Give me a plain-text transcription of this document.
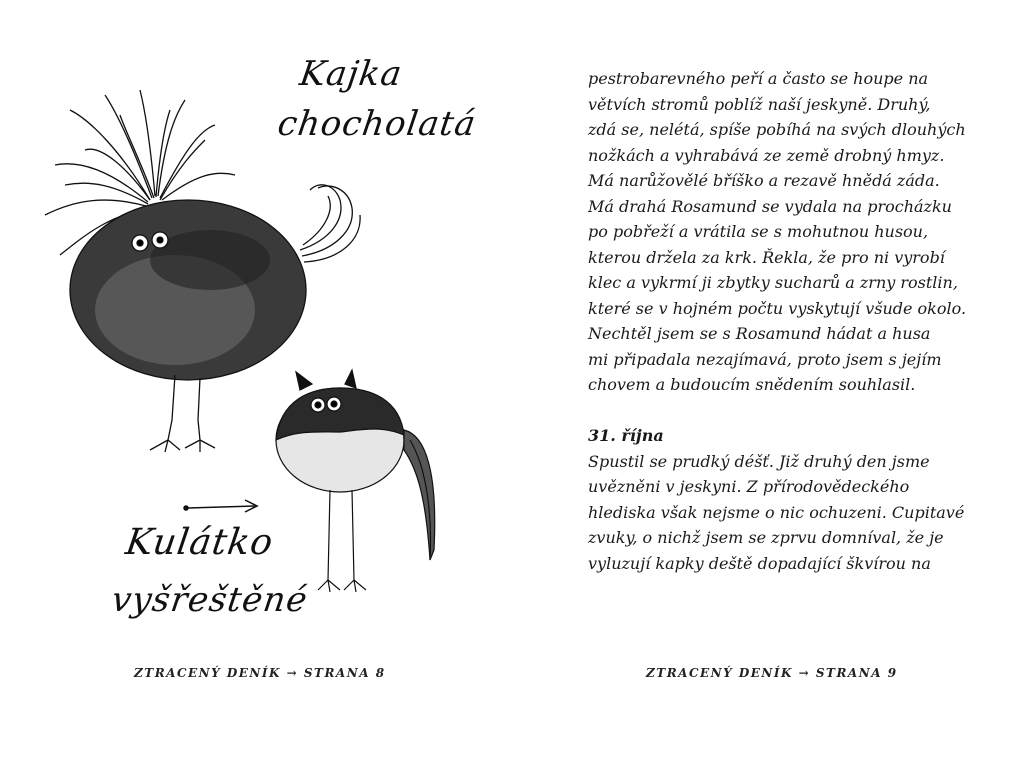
Kajka
chocholatá
Kulátko
vyšřeštěné
ZTRACENÝ DENÍK → STRANA 8
pestrobarevného peří a často se houpe na
větvích stromů poblíž naší jeskyně. Druhý,
zdá se, nelétá, spíše pobíhá na svých dlouhých
nožkách a vyhrabává ze země drobný hmyz.
Má narůžovělé bříško a rezavě hnědá záda.
Má drahá Rosamund se vydala na procházku
po pobřeží a vrátila se s mohutnou husou,
kterou držela za krk. Řekla, že pro ni vyrobí
klec a vykrmí ji zbytky sucharů a zrny rostlin,
které se v hojném počtu vyskytují všude okolo.
Nechtěl jsem se s Rosamund hádat a husa
mi připadala nezajímavá, proto jsem s jejím
chovem a budoucím snědením souhlasil.
31. října
Spustil se prudký déšť. Již druhý den jsme
uvězněni v jeskyni. Z přírodovědeckého
hlediska však nejsme o nic ochuzeni. Cupitavé
zvuky, o nichž jsem se zprvu domníval, že je
vyluzují kapky deště dopadající škvírou na
ZTRACENÝ DENÍK → STRANA 9
